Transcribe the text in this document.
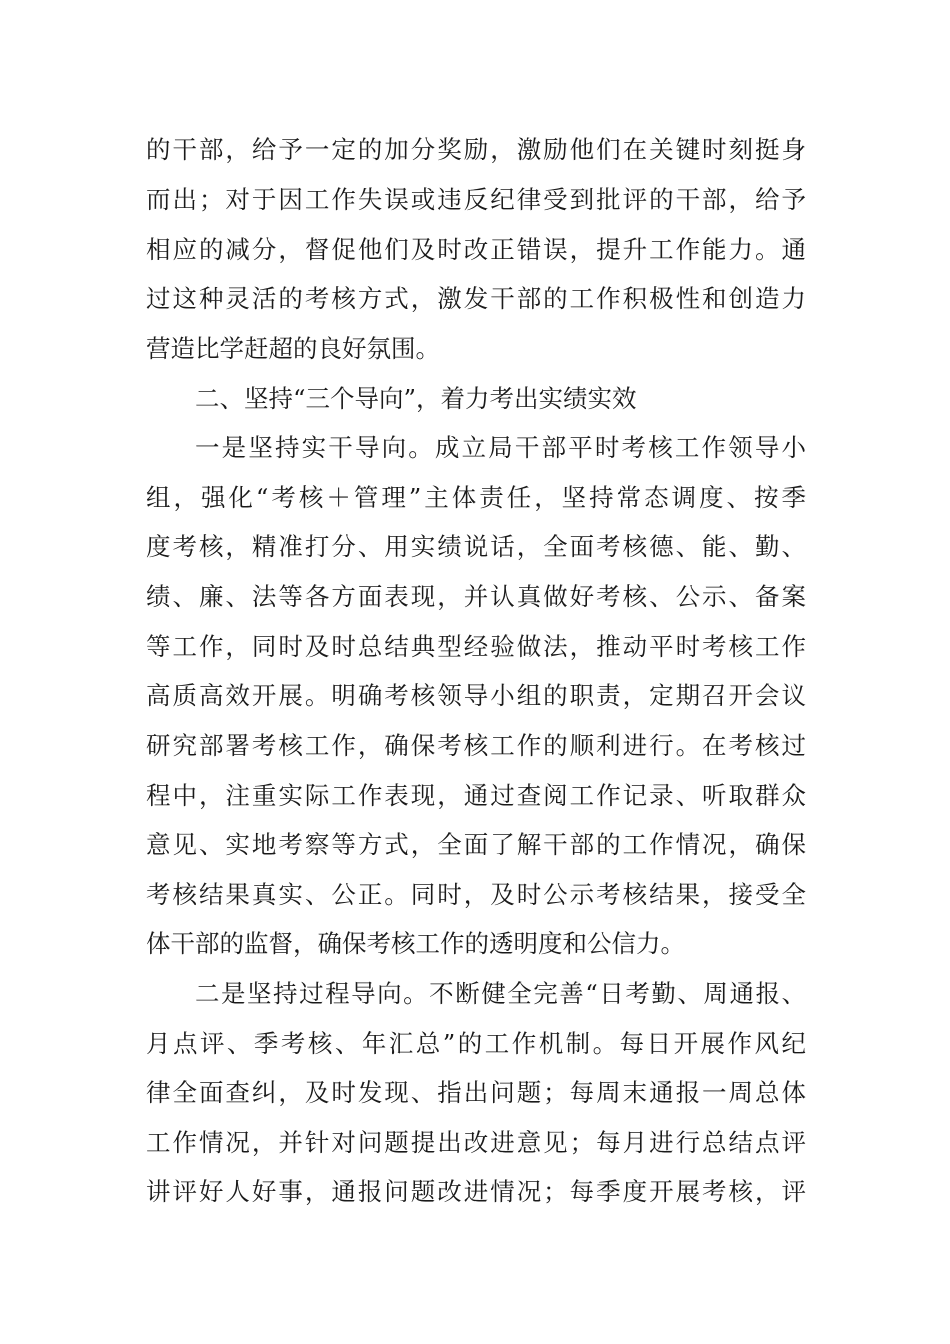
的干部，给予一定的加分奖励，激励他们在关键时刻挺身
而出；对于因工作失误或违反纪律受到批评的干部，给予
相应的减分，督促他们及时改正错误，提升工作能力。通
过这种灵活的考核方式，激发干部的工作积极性和创造力
营造比学赶超的良好氛围。
二、坚持“三个导向”，着力考出实绩实效
一是坚持实干导向。成立局干部平时考核工作领导小
组，强化“考核＋管理”主体责任，坚持常态调度、按季
度考核，精准打分、用实绩说话，全面考核德、能、勤、
绩、廉、法等各方面表现，并认真做好考核、公示、备案
等工作，同时及时总结典型经验做法，推动平时考核工作
高质高效开展。明确考核领导小组的职责，定期召开会议
研究部署考核工作，确保考核工作的顺利进行。在考核过
程中，注重实际工作表现，通过查阅工作记录、听取群众
意见、实地考察等方式，全面了解干部的工作情况，确保
考核结果真实、公正。同时，及时公示考核结果，接受全
体干部的监督，确保考核工作的透明度和公信力。
二是坚持过程导向。不断健全完善“日考勤、周通报、
月点评、季考核、年汇总”的工作机制。每日开展作风纪
律全面查纠，及时发现、指出问题；每周末通报一周总体
工作情况，并针对问题提出改进意见；每月进行总结点评
讲评好人好事，通报问题改进情况；每季度开展考核，评
